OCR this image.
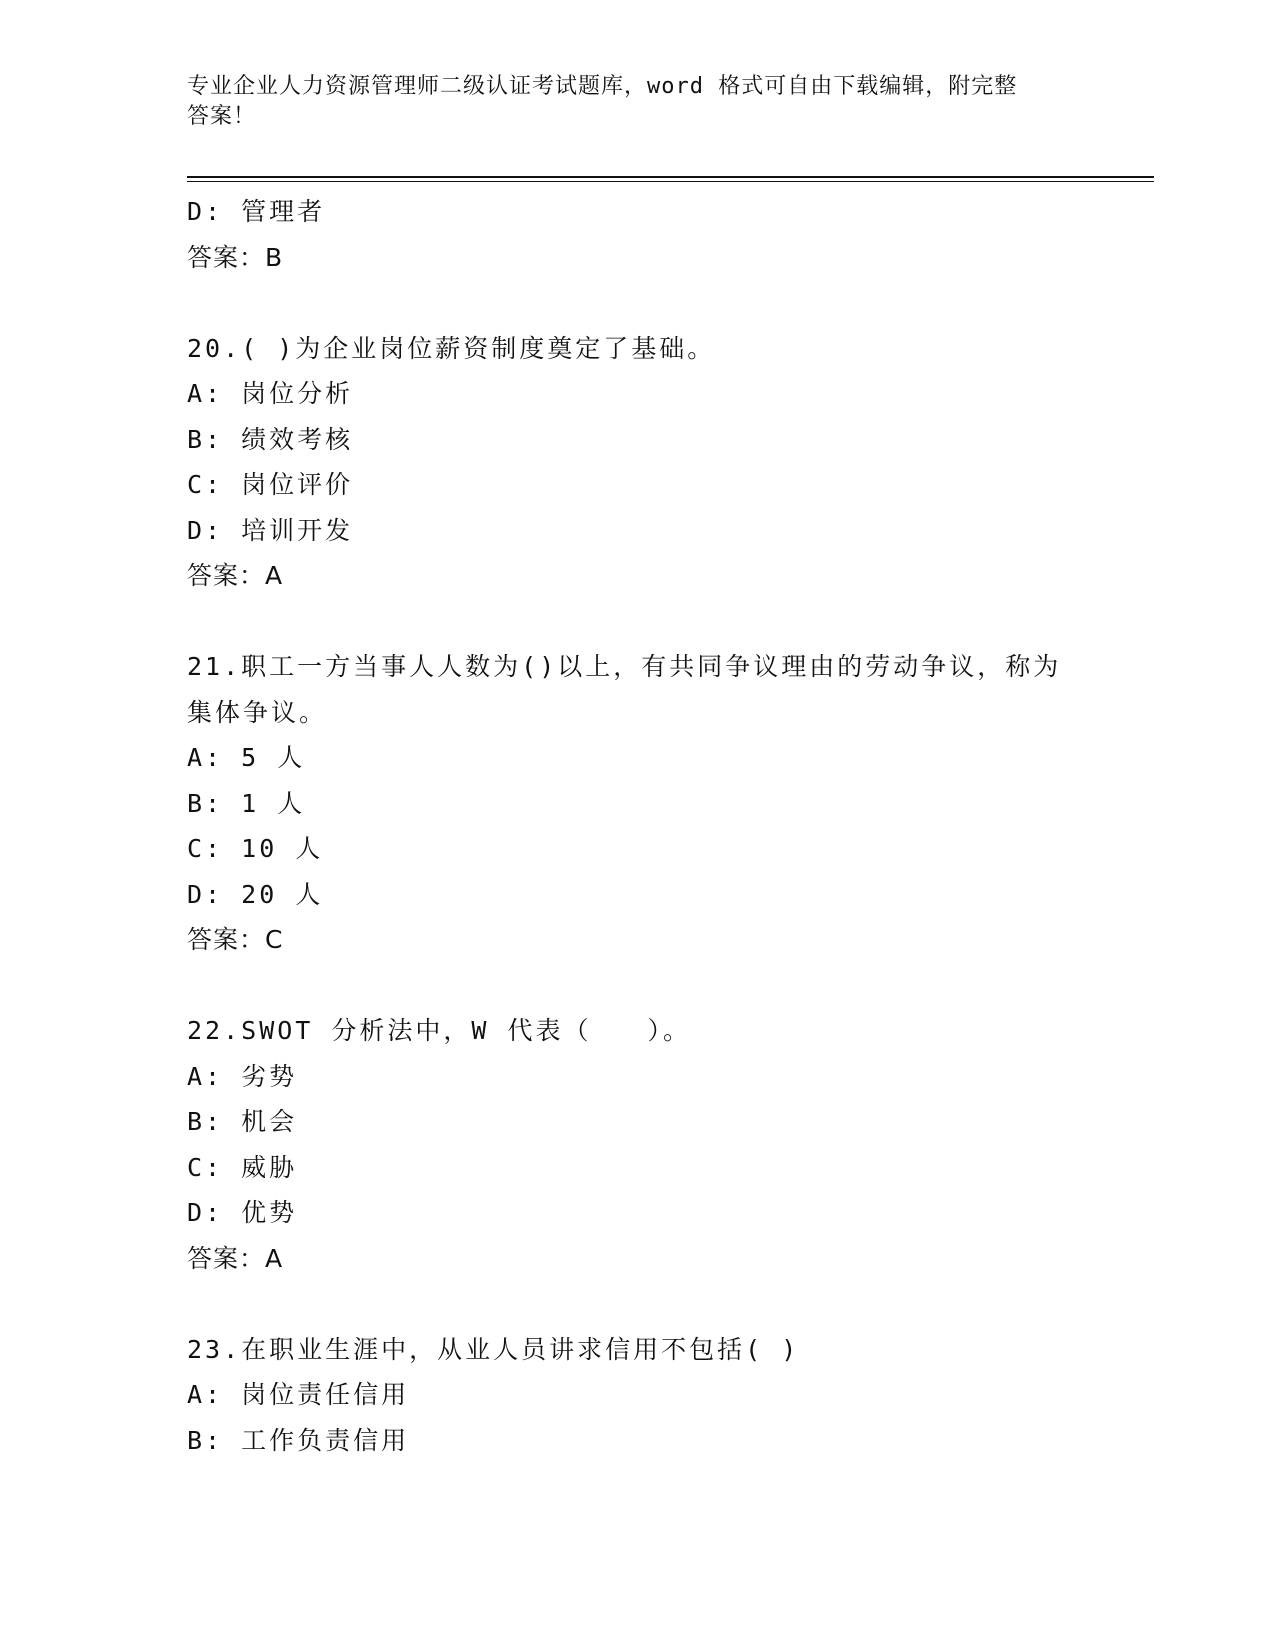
专业企业人力资源管理师二级认证考试题库，word 格式可自由下载编辑，附完整
答案！
D: 管理者
答案：B
20.( )为企业岗位薪资制度奠定了基础。
A: 岗位分析
B: 绩效考核
C: 岗位评价
D: 培训开发
答案：A
21.职工一方当事人人数为()以上，有共同争议理由的劳动争议，称为
集体争议。
A: 5 人
B: 1 人
C: 10 人
D: 20 人
答案：C
22.SWOT 分析法中，W 代表（　　）。
A: 劣势
B: 机会
C: 威胁
D: 优势
答案：A
23.在职业生涯中，从业人员讲求信用不包括( )
A: 岗位责任信用
B: 工作负责信用
